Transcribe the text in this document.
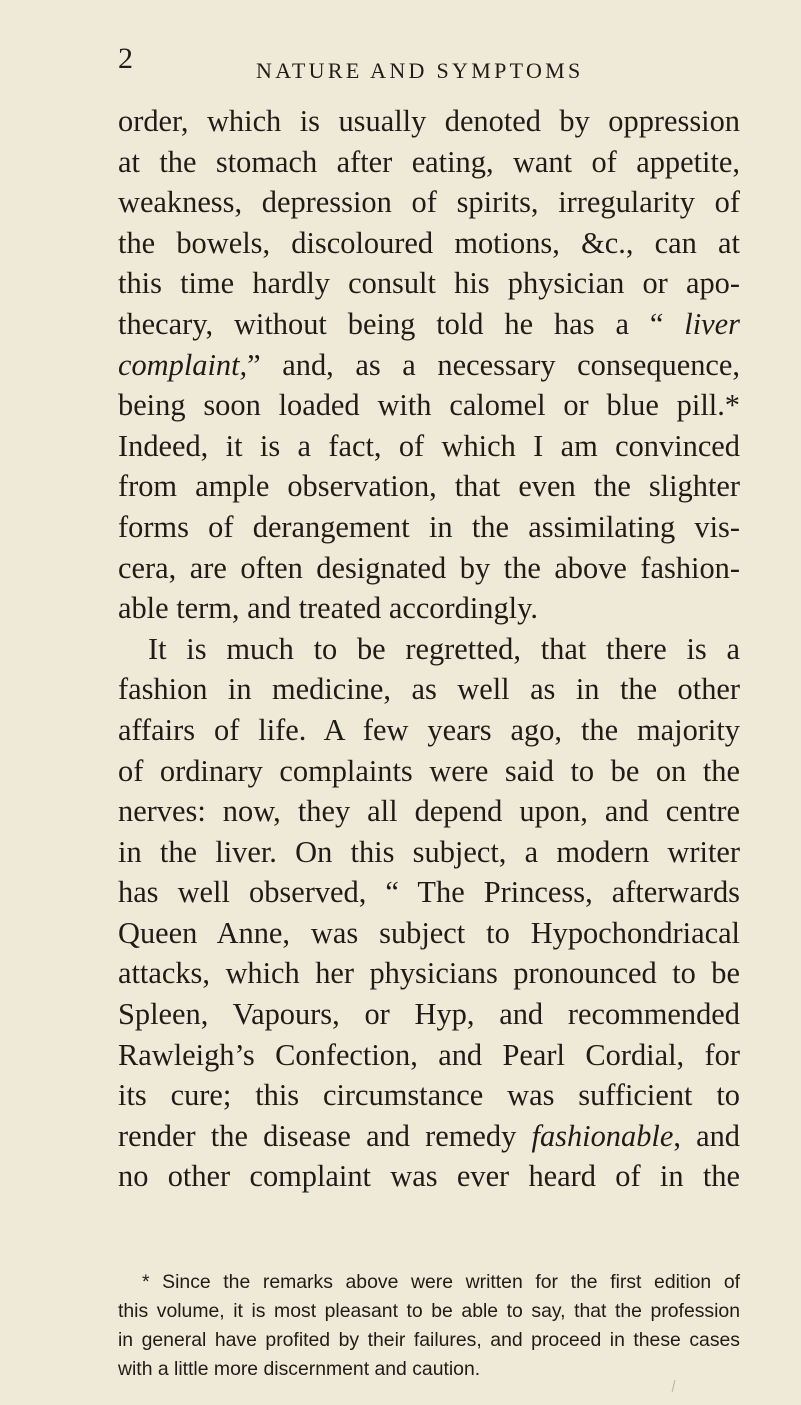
2	NATURE AND SYMPTOMS
order, which is usually denoted by oppression
at the stomach after eating, want of appetite,
weakness, depression of spirits, irregularity of
the bowels, discoloured motions, &c., can at
this time hardly consult his physician or apo-
thecary, without being told he has a “ liver
complaint,” and, as a necessary consequence,
being soon loaded with calomel or blue pill.*
Indeed, it is a fact, of which I am convinced
from ample observation, that even the slighter
forms of derangement in the assimilating vis-
cera, are often designated by the above fashion-
able term, and treated accordingly.
It is much to be regretted, that there is a
fashion in medicine, as well as in the other
affairs of life. A few years ago, the majority
of ordinary complaints were said to be on the
nerves: now, they all depend upon, and centre
in the liver. On this subject, a modern writer
has well observed, “ The Princess, afterwards
Queen Anne, was subject to Hypochondriacal
attacks, which her physicians pronounced to be
Spleen, Vapours, or Hyp, and recommended
Rawleigh’s Confection, and Pearl Cordial, for
its cure; this circumstance was sufficient to
render the disease and remedy fashionable, and
no other complaint was ever heard of in the
* Since the remarks above were written for the first edition of
this volume, it is most pleasant to be able to say, that the profession
in general have profited by their failures, and proceed in these cases
with a little more discernment and caution.
